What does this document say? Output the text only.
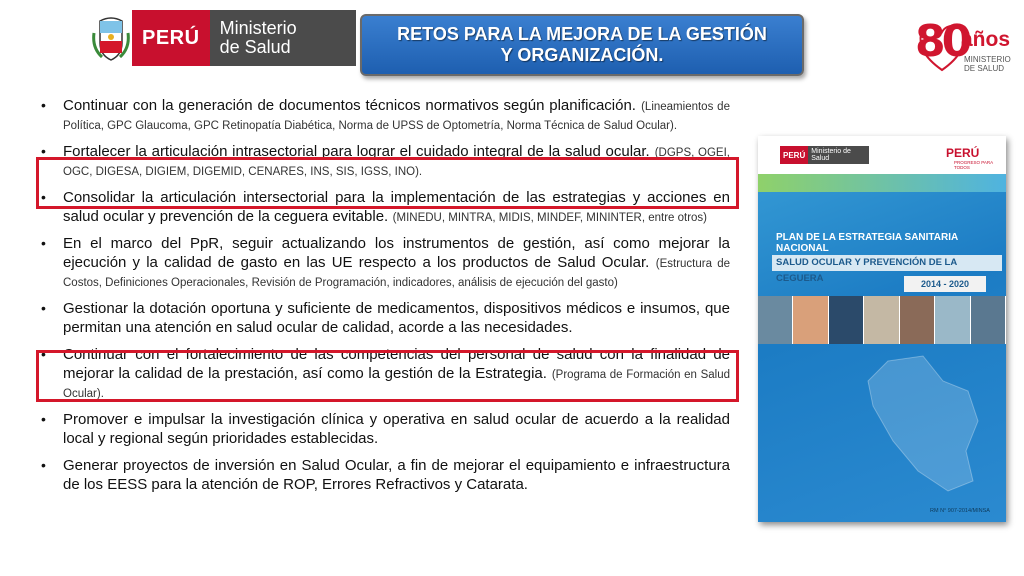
PERÚ	Ministerio
de Salud
RETOS PARA LA MEJORA DE LA GESTIÓN
Y ORGANIZACIÓN.	80
años
MINISTERIO
DE SALUD
• Continuar con la generación de documentos técnicos normativos según planificación. (Lineamientos de Política, GPC Glaucoma, GPC Retinopatía Diabética, Norma de UPSS de Optometría, Norma Técnica de Salud Ocular).
• Fortalecer la articulación intrasectorial para lograr el cuidado integral de la salud ocular. (DGPS, OGEI, OGC, DIGESA, DIGIEM, DIGEMID, CENARES, INS, SIS, IGSS, INO).
• Consolidar la articulación intersectorial para la implementación de las estrategias y acciones en salud ocular y prevención de la ceguera evitable. (MINEDU, MINTRA, MIDIS, MINDEF, MININTER, entre otros)
• En el marco del PpR, seguir actualizando los instrumentos de gestión, así como mejorar la ejecución y la calidad de gasto en las UE respecto a los productos de Salud Ocular. (Estructura de Costos, Definiciones Operacionales, Revisión de Programación, indicadores, análisis de ejecución del gasto)
• Gestionar la dotación oportuna y suficiente de medicamentos, dispositivos médicos e insumos, que permitan una atención en salud ocular de calidad, acorde a las necesidades.
• Continuar con el fortalecimiento de las competencias del personal de salud con la finalidad de mejorar la calidad de la prestación, así como la gestión de la Estrategia. (Programa de Formación en Salud Ocular).
• Promover e impulsar la investigación clínica y operativa en salud ocular de acuerdo a la realidad local y regional según prioridades establecidas.
• Generar proyectos de inversión en Salud Ocular, a fin de mejorar el equipamiento e infraestructura de los EESS para la atención de ROP, Errores Refractivos y Catarata.
PERÚ Ministerio de Salud	PERÚ
PROGRESO PARA TODOS
PLAN DE LA ESTRATEGIA SANITARIA NACIONAL
SALUD OCULAR Y PREVENCIÓN DE LA CEGUERA	2014 - 2020
RM N° 907-2014/MINSA
